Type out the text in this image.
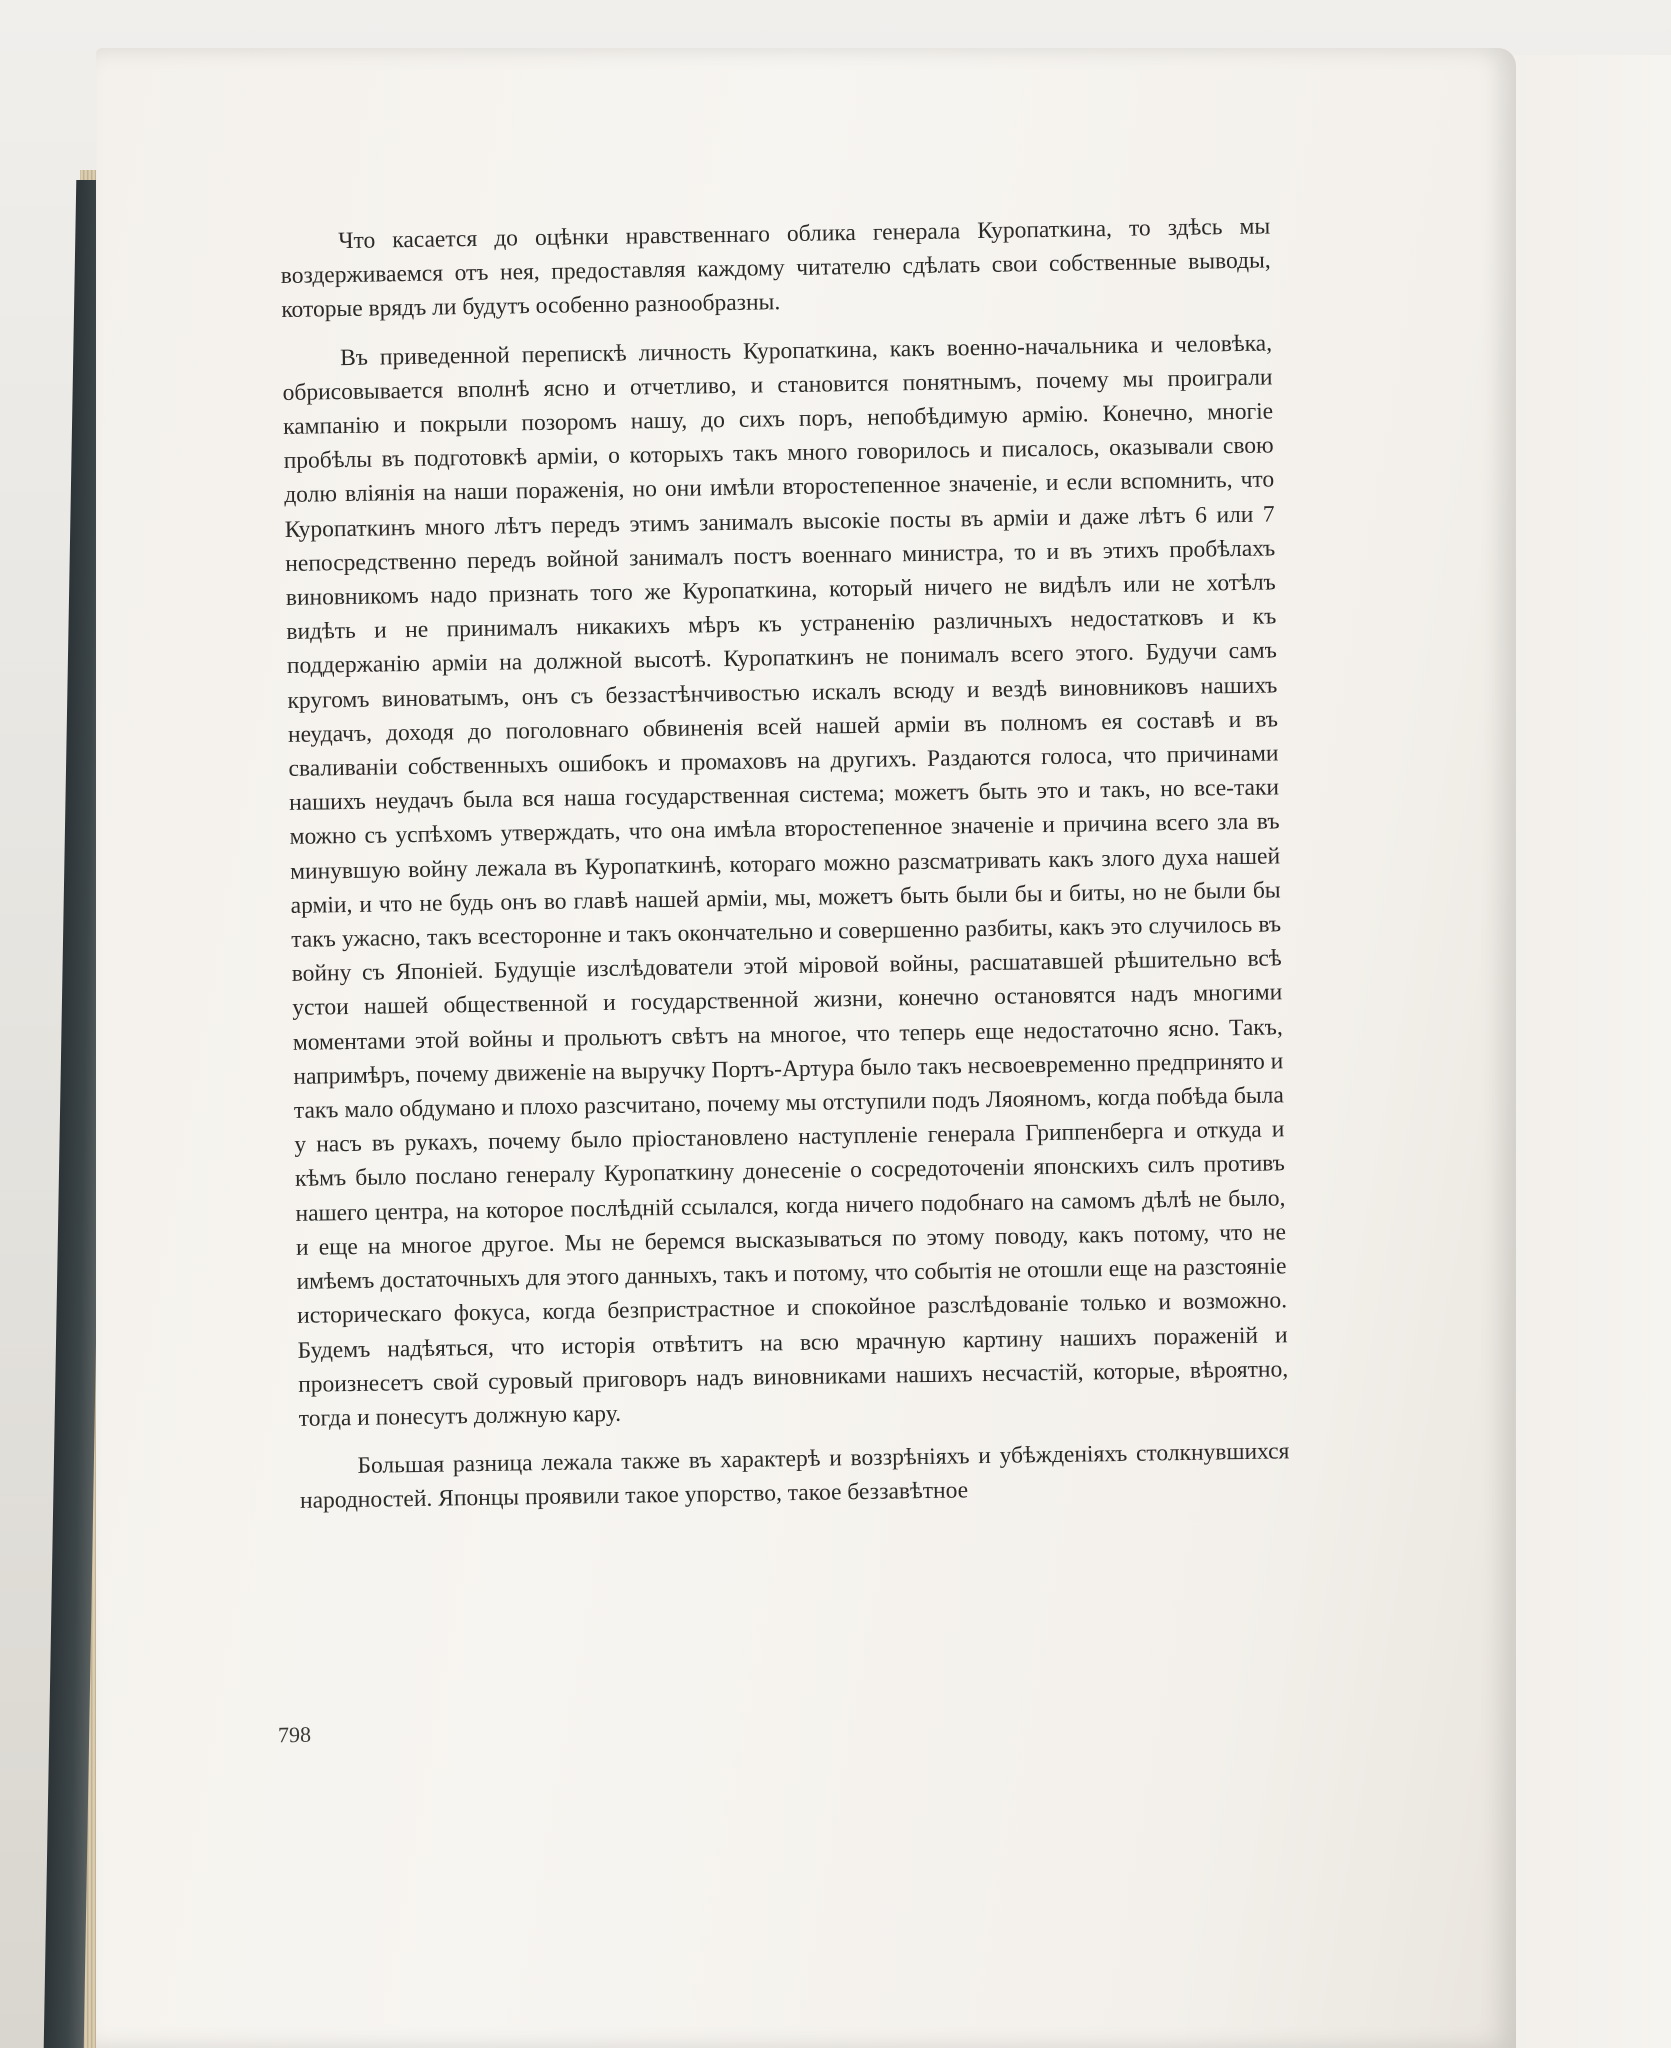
Что касается до оцѣнки нравственнаго облика генерала Куропаткина, то здѣсь мы воздерживаемся отъ нея, предоставляя каждому читателю сдѣлать свои собственные выводы, которые врядъ ли будутъ особенно разнообразны.

Въ приведенной перепискѣ личность Куропаткина, какъ военно-начальника и человѣка, обрисовывается вполнѣ ясно и отчетливо, и становится понятнымъ, почему мы проиграли кампанію и покрыли позоромъ нашу, до сихъ поръ, непобѣдимую армію. Конечно, многіе пробѣлы въ подготовкѣ арміи, о которыхъ такъ много говорилось и писалось, оказывали свою долю вліянія на наши пораженія, но они имѣли второстепенное значеніе, и если вспомнить, что Куропаткинъ много лѣтъ передъ этимъ занималъ высокіе посты въ арміи и даже лѣтъ 6 или 7 непосредственно передъ войной занималъ постъ военнаго министра, то и въ этихъ пробѣлахъ виновникомъ надо признать того же Куропаткина, который ничего не видѣлъ или не хотѣлъ видѣть и не принималъ никакихъ мѣръ къ устраненію различныхъ недостатковъ и къ поддержанію арміи на должной высотѣ. Куропаткинъ не понималъ всего этого. Будучи самъ кругомъ виноватымъ, онъ съ беззастѣнчивостью искалъ всюду и вездѣ виновниковъ нашихъ неудачъ, доходя до поголовнаго обвиненія всей нашей арміи въ полномъ ея составѣ и въ сваливаніи собственныхъ ошибокъ и промаховъ на другихъ. Раздаются голоса, что причинами нашихъ неудачъ была вся наша государственная система; можетъ быть это и такъ, но все-таки можно съ успѣхомъ утверждать, что она имѣла второстепенное значеніе и причина всего зла въ минувшую войну лежала въ Куропаткинѣ, котораго можно разсматривать какъ злого духа нашей арміи, и что не будь онъ во главѣ нашей арміи, мы, можетъ быть были бы и биты, но не были бы такъ ужасно, такъ всесторонне и такъ окончательно и совершенно разбиты, какъ это случилось въ войну съ Японіей. Будущіе изслѣдователи этой міровой войны, расшатавшей рѣшительно всѣ устои нашей общественной и государственной жизни, конечно остановятся надъ многими моментами этой войны и прольютъ свѣтъ на многое, что теперь еще недостаточно ясно. Такъ, напримѣръ, почему движеніе на выручку Портъ-Артура было такъ несвоевременно предпринято и такъ мало обдумано и плохо разсчитано, почему мы отступили подъ Ляояномъ, когда побѣда была у насъ въ рукахъ, почему было пріостановлено наступленіе генерала Гриппенберга и откуда и кѣмъ было послано генералу Куропаткину донесеніе о сосредоточеніи японскихъ силъ противъ нашего центра, на которое послѣдній ссылался, когда ничего подобнаго на самомъ дѣлѣ не было, и еще на многое другое. Мы не беремся высказываться по этому поводу, какъ потому, что не имѣемъ достаточныхъ для этого данныхъ, такъ и потому, что событія не отошли еще на разстояніе историческаго фокуса, когда безпристрастное и спокойное разслѣдованіе только и возможно. Будемъ надѣяться, что исторія отвѣтитъ на всю мрачную картину нашихъ пораженій и произнесетъ свой суровый приговоръ надъ виновниками нашихъ несчастій, которые, вѣроятно, тогда и понесутъ должную кару.

Большая разница лежала также въ характерѣ и воззрѣніяхъ и убѣжденіяхъ столкнувшихся народностей. Японцы проявили такое упорство, такое беззавѣтное

798
